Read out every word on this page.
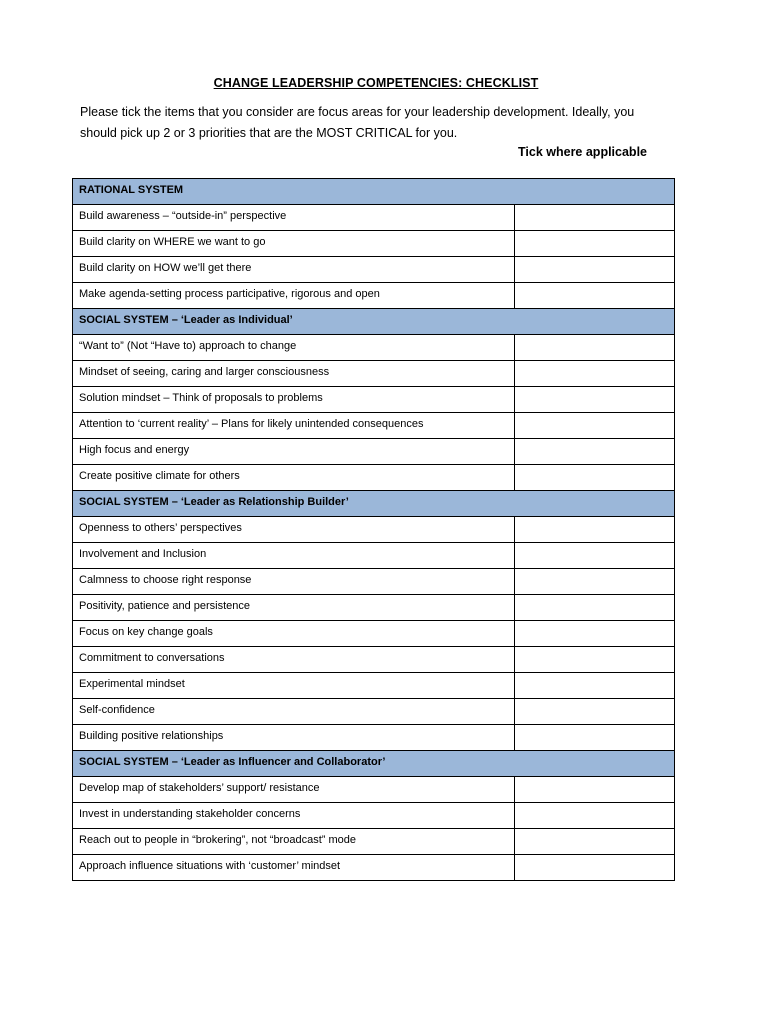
CHANGE LEADERSHIP COMPETENCIES: CHECKLIST
Please tick the items that you consider are focus areas for your leadership development. Ideally, you should pick up 2 or 3 priorities that are the MOST CRITICAL for you.
Tick where applicable
RATIONAL SYSTEM	
Build awareness – “outside-in” perspective	
Build clarity on WHERE we want to go	
Build clarity on HOW we’ll get there	
Make agenda-setting process participative, rigorous and open	
SOCIAL SYSTEM – ‘Leader as Individual’	
“Want to” (Not “Have to) approach to change	
Mindset of seeing, caring and larger consciousness	
Solution mindset – Think of proposals to problems	
Attention to ‘current reality’ – Plans for likely unintended consequences	
High focus and energy	
Create positive climate for others	
SOCIAL SYSTEM – ‘Leader as Relationship Builder’	
Openness to others’ perspectives	
Involvement and Inclusion	
Calmness to choose right response	
Positivity, patience and persistence	
Focus on key change goals	
Commitment to conversations	
Experimental mindset	
Self-confidence	
Building positive relationships	
SOCIAL SYSTEM – ‘Leader as Influencer and Collaborator’	
Develop map of stakeholders’ support/ resistance	
Invest in understanding stakeholder concerns	
Reach out to people in “brokering”, not “broadcast” mode	
Approach influence situations with ‘customer’ mindset	
